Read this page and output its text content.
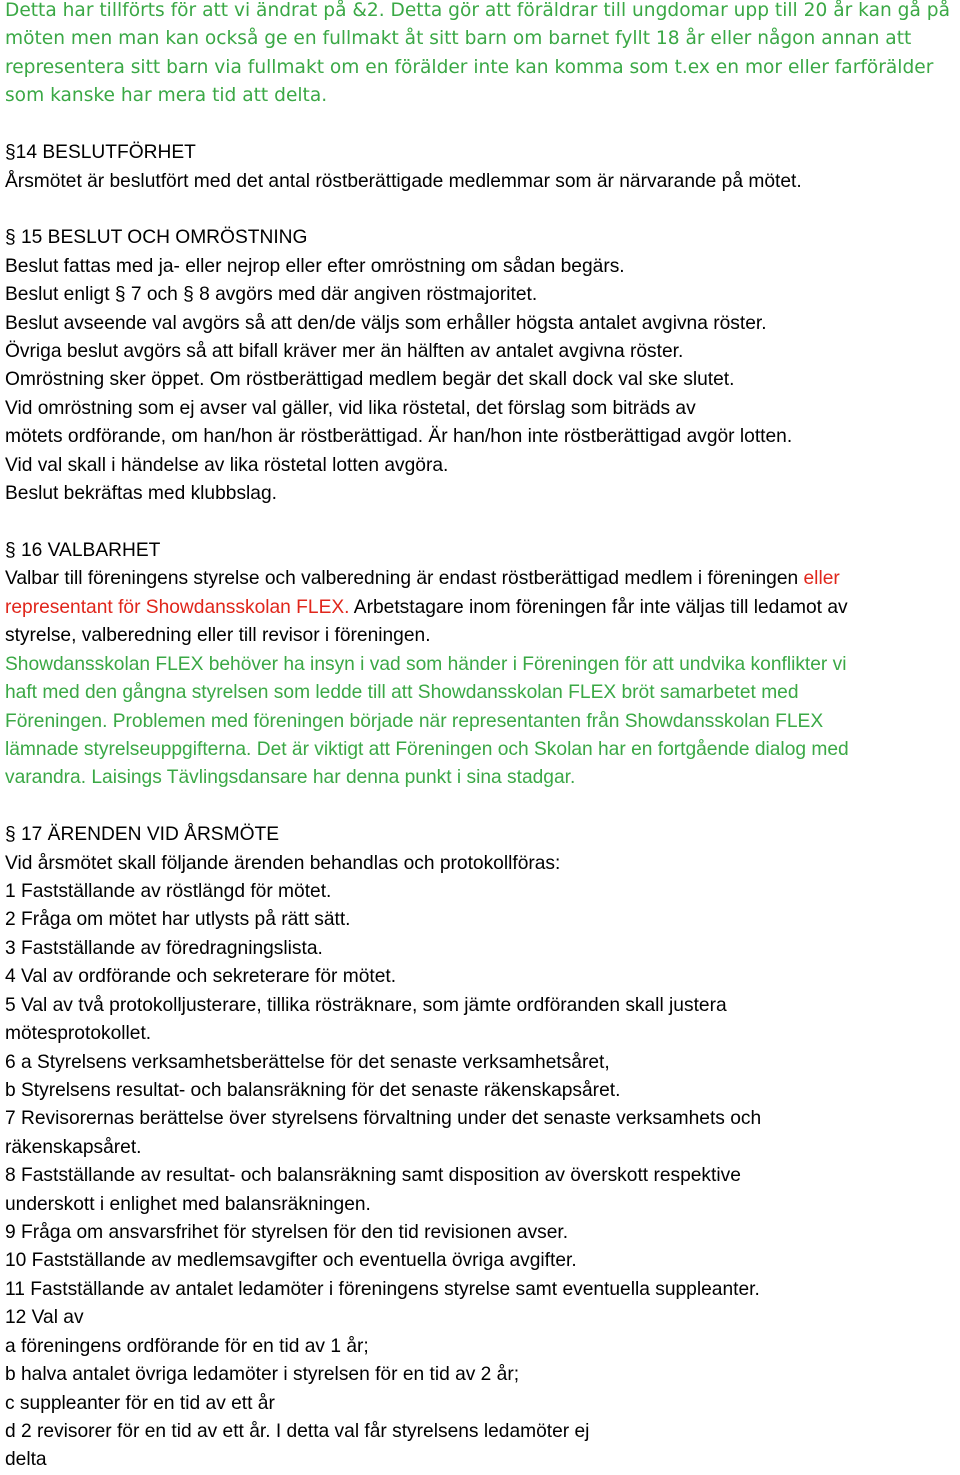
Detta har tillförts för att vi ändrat på &2. Detta gör att föräldrar till ungdomar upp till 20 år kan gå på
möten men man kan också ge en fullmakt åt sitt barn om barnet fyllt 18 år eller någon annan att
representera sitt barn via fullmakt om en förälder inte kan komma som t.ex en mor eller farförälder
som kanske har mera tid att delta.
§14 BESLUTFÖRHET
Årsmötet är beslutfört med det antal röstberättigade medlemmar som är närvarande på mötet.
§ 15 BESLUT OCH OMRÖSTNING
Beslut fattas med ja- eller nejrop eller efter omröstning om sådan begärs.
Beslut enligt § 7 och § 8 avgörs med där angiven röstmajoritet.
Beslut avseende val avgörs så att den/de väljs som erhåller högsta antalet avgivna röster.
Övriga beslut avgörs så att bifall kräver mer än hälften av antalet avgivna röster.
Omröstning sker öppet. Om röstberättigad medlem begär det skall dock val ske slutet.
Vid omröstning som ej avser val gäller, vid lika röstetal, det förslag som biträds av
mötets ordförande, om han/hon är röstberättigad. Är han/hon inte röstberättigad avgör lotten.
Vid val skall i händelse av lika röstetal lotten avgöra.
Beslut bekräftas med klubbslag.
§ 16 VALBARHET
Valbar till föreningens styrelse och valberedning är endast röstberättigad medlem i föreningen eller
representant för Showdansskolan FLEX. Arbetstagare inom föreningen får inte väljas till ledamot av
styrelse, valberedning eller till revisor i föreningen.
Showdansskolan FLEX behöver ha insyn i vad som händer i Föreningen för att undvika konflikter vi
haft med den gångna styrelsen som ledde till att Showdansskolan FLEX bröt samarbetet med
Föreningen. Problemen med föreningen började när representanten från Showdansskolan FLEX
lämnade styrelseuppgifterna. Det är viktigt att Föreningen och Skolan har en fortgående dialog med
varandra. Laisings Tävlingsdansare har denna punkt i sina stadgar.
§ 17 ÄRENDEN VID ÅRSMÖTE
Vid årsmötet skall följande ärenden behandlas och protokollföras:
1 Fastställande av röstlängd för mötet.
2 Fråga om mötet har utlysts på rätt sätt.
3 Fastställande av föredragningslista.
4 Val av ordförande och sekreterare för mötet.
5 Val av två protokolljusterare, tillika rösträknare, som jämte ordföranden skall justera
mötesprotokollet.
6 a Styrelsens verksamhetsberättelse för det senaste verksamhetsåret,
b Styrelsens resultat- och balansräkning för det senaste räkenskapsåret.
7 Revisorernas berättelse över styrelsens förvaltning under det senaste verksamhets och
räkenskapsåret.
8 Fastställande av resultat- och balansräkning samt disposition av överskott respektive
underskott i enlighet med balansräkningen.
9 Fråga om ansvarsfrihet för styrelsen för den tid revisionen avser.
10 Fastställande av medlemsavgifter och eventuella övriga avgifter.
11 Fastställande av antalet ledamöter i föreningens styrelse samt eventuella suppleanter.
12 Val av
a föreningens ordförande för en tid av 1 år;
b halva antalet övriga ledamöter i styrelsen för en tid av 2 år;
c suppleanter för en tid av ett år
d 2 revisorer för en tid av ett år. I detta val får styrelsens ledamöter ej
delta
